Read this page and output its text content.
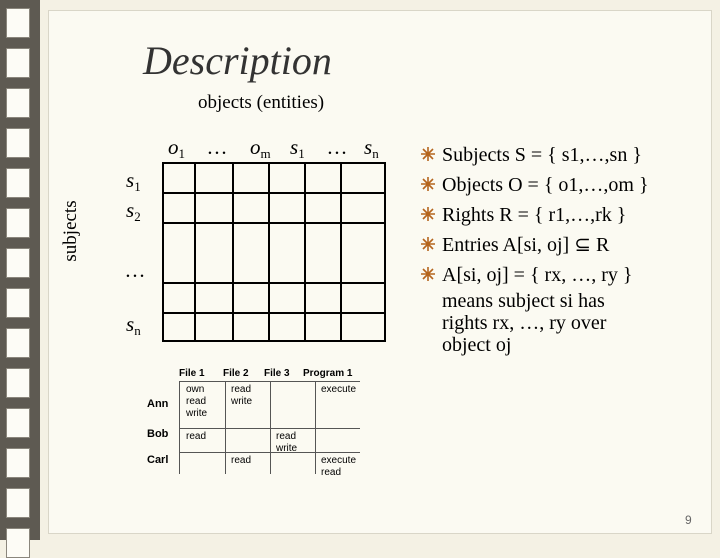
Description
objects (entities)
subjects
$o_1$ … $o_m$ $s_1$ … $s_n$
$s_1$
$s_2$
…
$s_n$
Subjects S = { s1,…,sn }
Objects O = { o1,…,om }
Rights R = { r1,…,rk }
Entries A[si, oj] ⊆ R
A[si, oj] = { rx, …, ry }
means subject si has
rights rx, …, ry over
object oj
File 1 File 2 File 3 Program 1
own
read
write
read
write
execute
read	read
write
read	execute
read
Ann
Bob
Carl
9
